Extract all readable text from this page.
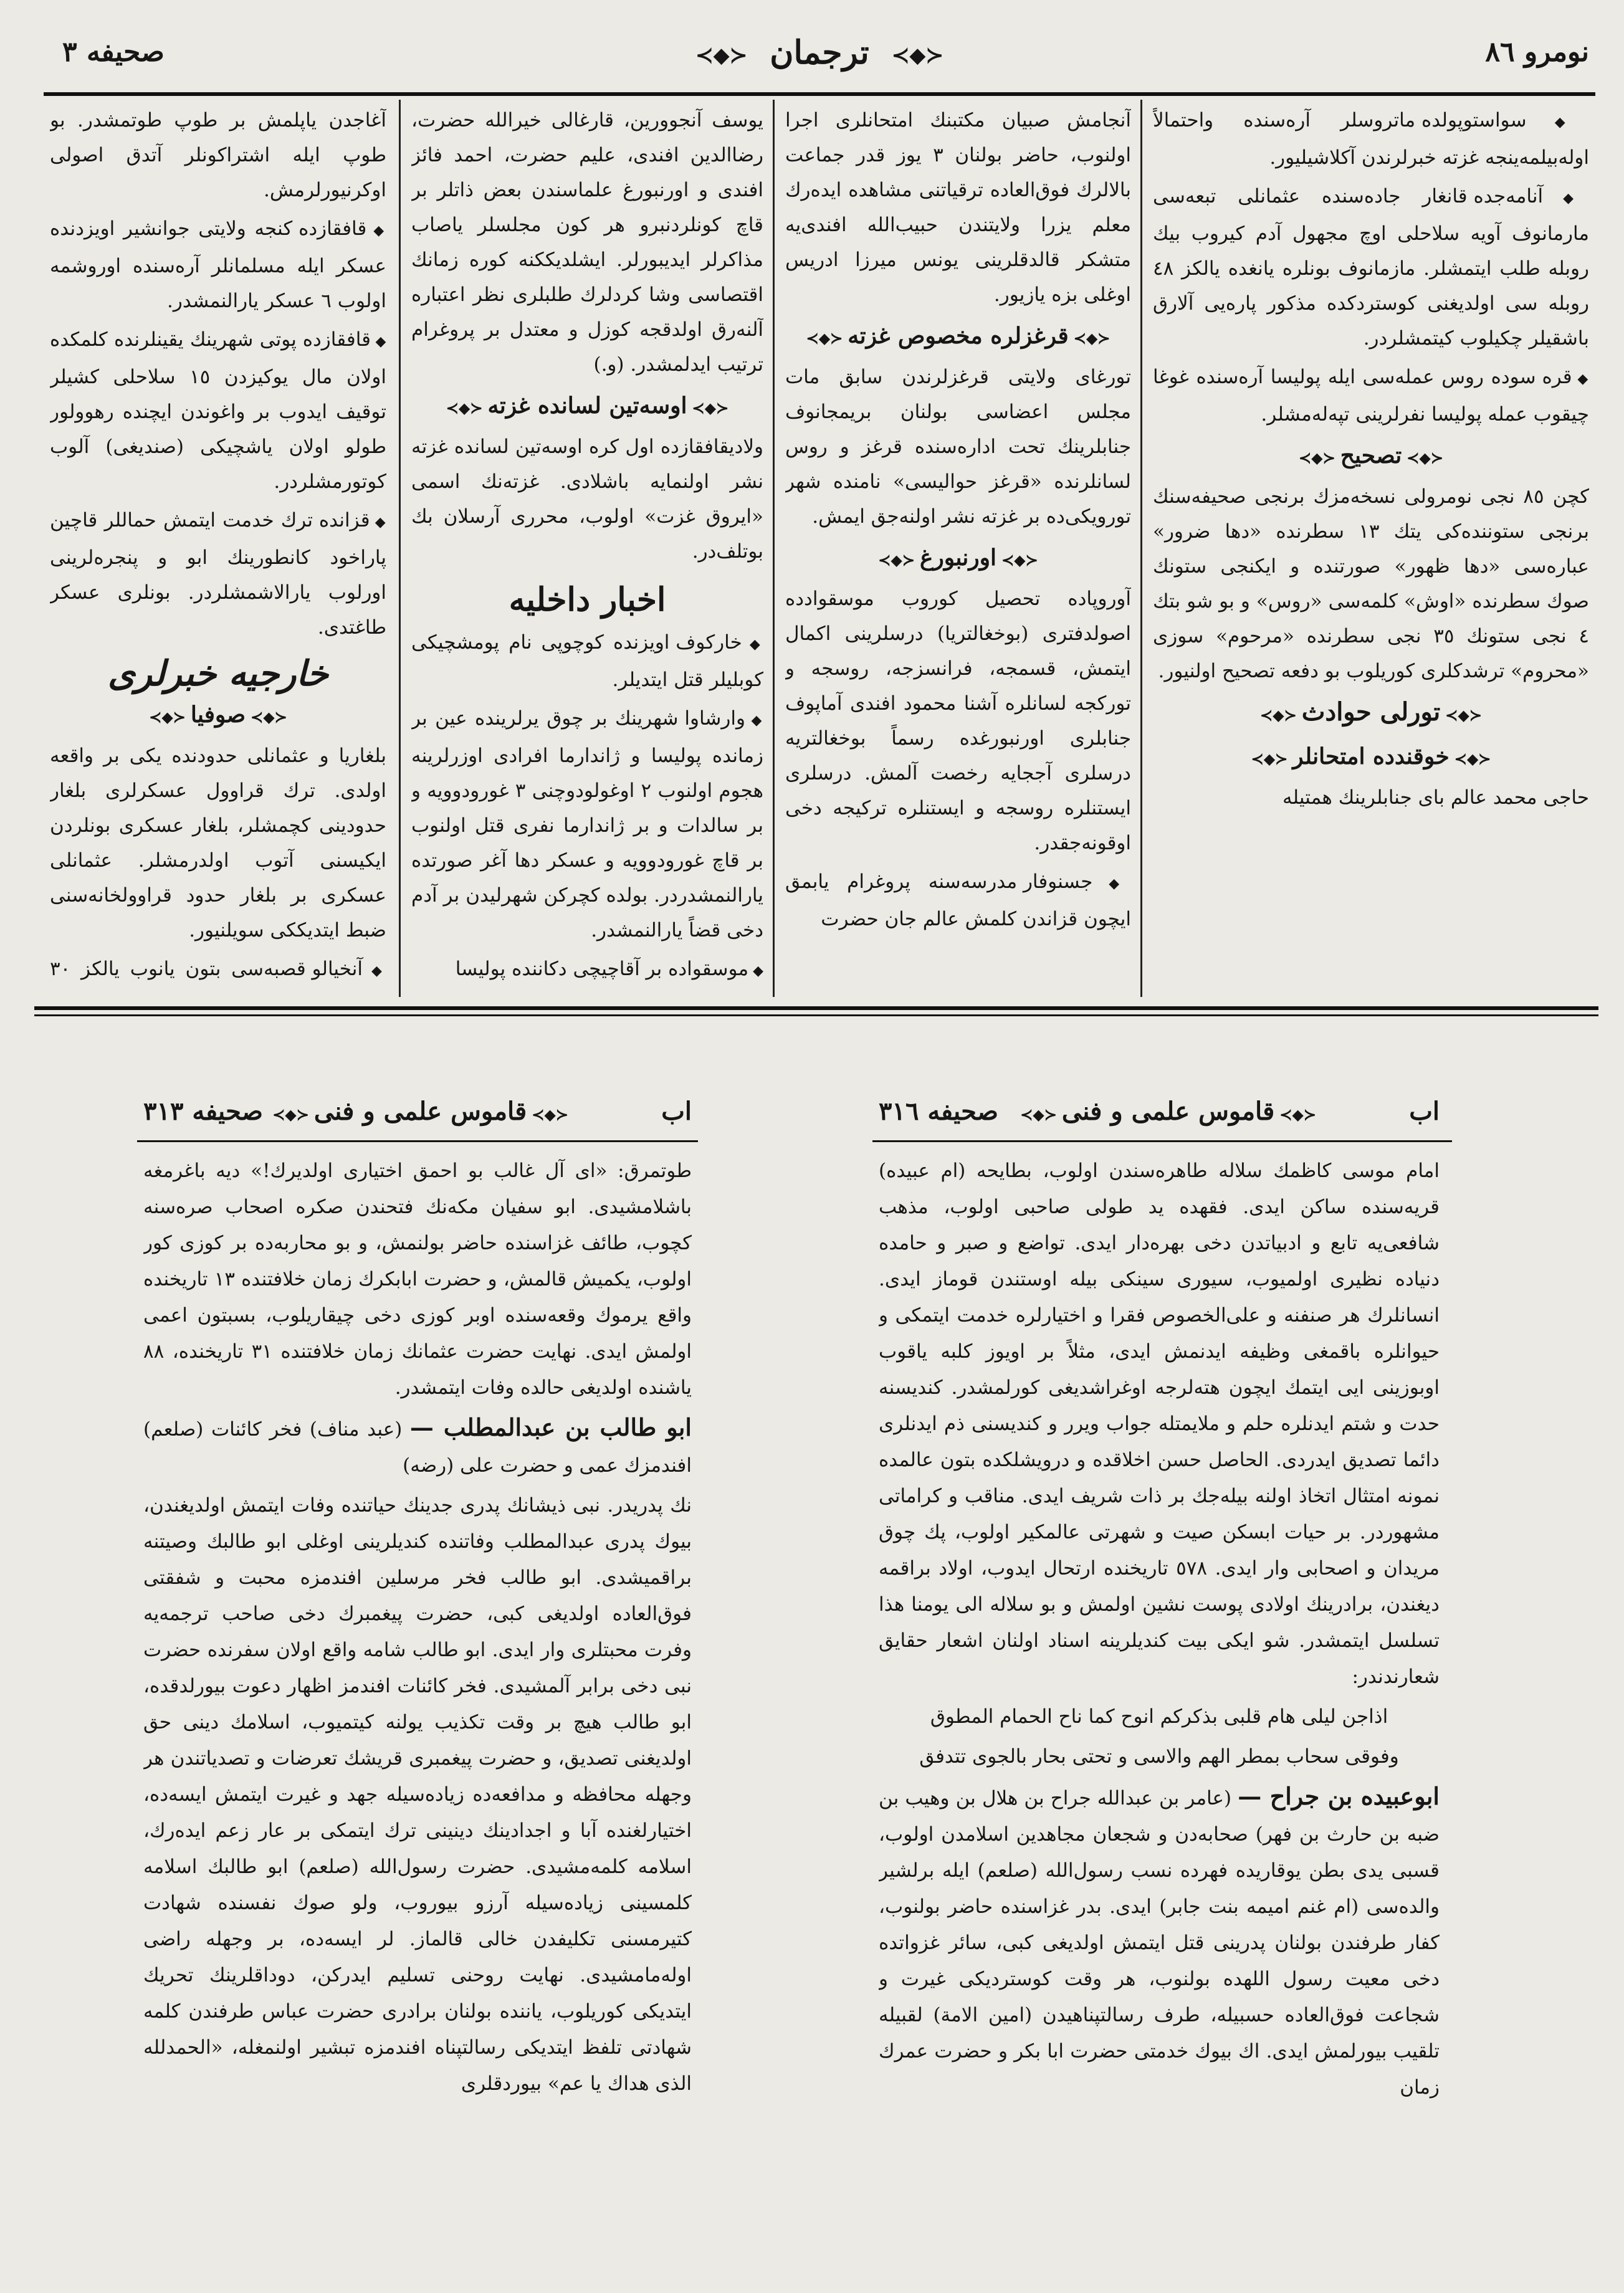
نومرو ٨٦
≺◆≻ ترجمان ≺◆≻
صحیفه ٣

◆ سواستوپولده ماتروسلر آره‌سنده واحتمالاً اوله‌بیلمه‌ینجه غزته خبرلرندن آکلاشیلیور.

◆ آنامه‌جده قانغار جاده‌سنده عثمانلی تبعه‌سی مارمانوف آویه سلاحلی اوچ مجهول آدم کیروب بیك روبله طلب ایتمشلر. مازمانوف بونلره یانغده یالکز ٤٨ روبله سی اولدیغنی کوسترد‌کده مذکور پاره‌یی آلارق باشقیلر چکیلوب کیتمشلردر.

◆ قره سوده روس عمله‌سی ایله پولیسا آره‌سنده غوغا چیقوب عمله پولیسا نفرلرینی تپه‌له‌مشلر.

≺◆≻تصحیح≺◆≻

کچن ٨٥ نجی نومرولی نسخه‌مزك برنجی صحیفه‌سنك برنجی ستوننده‌کی یتك ١٣ سطرنده «دها ضرور» عباره‌سی «دها ظهور» صورتنده و ایکنجی ستونك صوك سطرنده «اوش» کلمه‌سی «روس» و بو شو بتك ٤ نجی ستونك ٣٥ نجی سطرنده «مرحوم» سوزی «محروم» ترشدکلری کوریلوب بو دفعه تصحیح اولنیور.

≺◆≻تورلی حوادث≺◆≻
≺◆≻خوقندده امتحانلر≺◆≻

حاجی محمد عالم بای جنابلرینك همتیله

آنجامش صبیان مکتبنك امتحانلری اجرا اولنوب، حاضر بولنان ٣ یوز قدر جماعت بالالرك فوق‌العاده ترقیاتنی مشاهده ایده‌رك معلم یزرا ولایتندن حبیب‌الله افندی‌یه متشکر قالدقلرینی یونس میرزا ادریس اوغلی بزه یازیور.

≺◆≻قرغزلره مخصوص غزته≺◆≻

تورغای ولایتی قرغزلرندن سابق مات مجلس اعضاسی بولنان بریمجانوف جنابلرینك تحت اداره‌سنده قرغز و روس لسانلرنده «قرغز حوالیسی» نامنده شهر تورویکی‌ده بر غزته نشر اولنه‌جق ایمش.

≺◆≻اورنبورغ≺◆≻

آوروپاده تحصیل کوروب موسقوادده اصولدفتری (بوخغالتریا) درسلرینی اکمال ایتمش، قسمجه، فرانسزجه، روسجه و تورکجه لسانلره آشنا محمود افندی آماپوف جنابلری اورنبورغده رسماً بوخغالتریه درسلری آججایه رخصت آلمش. درسلری ایستنلره روسجه و ایستنلره ترکیجه دخی اوقونه‌جقدر.

◆ جسنوفار مدرسه‌سنه پروغرام یابمق ایچون قزاندن کلمش عالم جان حضرت

یوسف آنجوورین، قارغالی خیرالله حضرت، رضاالدین افندی، علیم حضرت، احمد فائز افندی و اورنبورغ علماسندن بعض ذاتلر بر قاچ کونلردنبرو هر کون مجلسلر یاصاب مذاکرلر ایدیبورلر. ایشلدیککنه کوره زمانك اقتصاسی وشا کردلرك طلبلری نظر اعتباره آلنه‌رق اولدقجه کوزل و معتدل بر پروغرام ترتیب ایدلمشدر. (و.)

≺◆≻اوسه‌تین لسانده غزته≺◆≻

ولادیقافقازده اول کره اوسه‌تین لسانده غزته نشر اولنمایه باشلادی. غزته‌نك اسمی «ایروق غزت» اولوب، محرری آرسلان بك بوتلف‌در.

اخبار داخلیه

◆ خارکوف اویزنده کوچوپی نام پومشچیکی کوبلیلر قتل ایتدیلر.

◆ وارشاوا شهرینك بر چوق یرلرینده عین بر زمانده پولیسا و ژاندارما افرادی اوزرلرینه هجوم اولنوب ٢ اوغولودوچنی ٣ غورودوویه و بر سالدات و بر ژاندارما نفری قتل اولنوب بر قاچ غورودوویه و عسکر دها آغر صورتده یارالنمشدردر. بولده کچرکن شهرلیدن بر آدم دخی قضاً یارالنمشدر.

◆ موسقواده بر آقاچیچی دکاننده پولیسا

آغاجدن یاپلمش بر طوپ طوتمشدر. بو طوپ ایله اشتراکونلر آتدق اصولی اوکرنیورلرمش.

◆ قافقازده کنجه ولایتی جوانشیر اویزدنده عسکر ایله مسلمانلر آره‌سنده اوروشمه اولوب ٦ عسکر یارالنمشدر.

◆ قافقازده پوتی شهرینك یقینلرنده کلمکده اولان مال یوکیزدن ١٥ سلاحلی کشیلر توقیف ایدوب بر واغوندن ایچنده رهوولور طولو اولان یاشچیکی (صندیغی) آلوب کوتورمشلردر.

◆ قزانده ترك خدمت ایتمش حماللر قاچین پاراخود کانطورینك ابو و پنجره‌لرینی اورلوب یارالاشمشلردر. بونلری عسکر طاغتدی.

خارجیه خبرلری
≺◆≻صوفیا≺◆≻

بلغاریا و عثمانلی حدودنده یکی بر واقعه اولدی. ترك قراوول عسکرلری بلغار حدودینی کچمشلر، بلغار عسکری بونلردن ایکیسنی آتوب اولدرمشلر. عثمانلی عسکری بر بلغار حدود قراوولخانه‌سنی ضبط ایتدیککی سویلنیور.

◆ آنخیالو قصبه‌سی بتون یانوب یالکز ٣٠

اب
≺◆≻قاموس علمی و فنی≺◆≻
صحیفه ٣١٦
اب
≺◆≻قاموس علمی و فنی≺◆≻
صحیفه ٣١٣

امام موسی کاظمك سلاله طاهره‌سندن اولوب، بطایحه (ام عبیده) قریه‌سنده ساکن ایدی. فقهده ید طولی صاحبی اولوب، مذهب شافعی‌یه تابع و ادبیاتدن دخی بهره‌دار ایدی. تواضع و صبر و حامده دنیاده نظیری اولمیوب، سیوری سینکی بیله اوستندن قوماز ایدی. انسانلرك هر صنفنه و علی‌الخصوص فقرا و اختیارلره خدمت ایتمکی و حیوانلره باقمغی وظیفه ایدنمش ایدی، مثلاً بر اویوز کلبه یاقوب اوبوزینی ایی ایتمك ایچون هته‌لرجه اوغراشدیغی کورلمشدر. کندیسنه حدت و شتم ایدنلره حلم و ملایمتله جواب ویرر و کندیسنی ذم ایدنلری دائما تصدیق ایدردی. الحاصل حسن اخلاقده و درویشلکده بتون عالمده نمونه امتثال اتخاذ اولنه بیله‌جك بر ذات شریف ایدی. مناقب و کراماتی مشهوردر. بر حیات ابسکن صیت و شهرتی عالمکیر اولوب، پك چوق مریدان و اصحابی وار ایدی. ٥٧٨ تاریخنده ارتحال ایدوب، اولاد براقمه دیغندن، برادرینك اولادی پوست نشین اولمش و بو سلاله الی یومنا هذا تسلسل ایتمشدر. شو ایکی بیت کندیلرینه اسناد اولنان اشعار حقایق شعارندندر:

اذاجن لیلی هام قلبی بذکرکم انوح کما ناح الحمام المطوق
وفوقی سحاب بمطر الهم والاسی و تحتی بحار بالجوی تتدفق

ابوعبیده بن جراح — (عامر بن عبدالله جراح بن هلال بن وهیب بن ضبه بن حارث بن فهر) صحابه‌دن و شجعان مجاهدین اسلامدن اولوب، قسبی یدی بطن یوقاریده فهرده نسب رسول‌الله (صلعم) ایله برلشیر والده‌سی (ام غنم امیمه بنت جابر) ایدی. بدر غزاسنده حاضر بولنوب، کفار طرفندن بولنان پدرینی قتل ایتمش اولدیغی کبی، سائر غزواتده دخی معیت رسول اللهده بولنوب، هر وقت کوستردیکی غیرت و شجاعت فوق‌العاده حسبیله، طرف رسالتپناهیدن (امین الامة) لقبیله تلقیب بیورلمش ایدی. اك بیوك خدمتی حضرت ابا بکر و حضرت عمرك زمان

طوتمرق: «ای آل غالب بو احمق اختیاری اولدیرك!» دیه باغرمغه باشلامشیدی. ابو سفیان مکه‌نك فتحندن صکره اصحاب صره‌سنه کچوب، طائف غزاسنده حاضر بولنمش، و بو محاربه‌ده بر کوزی کور اولوب، یکمیش قالمش، و حضرت ابابکرك زمان خلافتنده ١٣ تاریخنده واقع یرموك وقعه‌سنده اوبر کوزی دخی چیقاریلوب، بسبتون اعمی اولمش ایدی. نهایت حضرت عثمانك زمان خلافتنده ٣١ تاریخنده، ٨٨ یاشنده اولدیغی حالده وفات ایتمشدر.

ابو طالب بن عبدالمطلب — (عبد مناف) فخر کائنات (صلعم) افندمزك عمی و حضرت علی (رضه)

نك پدریدر. نبی ذیشانك پدری جدینك حیاتنده وفات ایتمش اولدیغندن، بیوك پدری عبدالمطلب وفاتنده کندیلرینی اوغلی ابو طالبك وصیتنه براقمیشدی. ابو طالب فخر مرسلین افندمزه محبت و شفقتی فوق‌العاده اولدیغی کبی، حضرت پیغمبرك دخی صاحب ترجمه‌یه وفرت محبتلری وار ایدی. ابو طالب شامه واقع اولان سفرنده حضرت نبی دخی برابر آلمشیدی. فخر کائنات افندمز اظهار دعوت بیورلدقده، ابو طالب هیچ بر وقت تکذیب یولنه کیتمیوب، اسلامك دینی حق اولدیغنی تصدیق، و حضرت پیغمبری قریشك تعرضات و تصدیاتندن هر وجهله محافظه و مدافعه‌ده زیاده‌سیله جهد و غیرت ایتمش ایسه‌ده، اختیارلغنده آبا و اجدادینك دینینی ترك ایتمکی بر عار زعم ایده‌رك، اسلامه کلمه‌مشیدی. حضرت رسول‌الله (صلعم) ابو طالبك اسلامه کلمسینی زیاده‌سیله آرزو بیوروب، ولو صوك نفسنده شهادت کتیرمسنی تکلیفدن خالی قالماز. لر ایسه‌ده، بر وجهله راضی اوله‌مامشیدی. نهایت روحنی تسلیم ایدرکن، دوداقلرینك تحریك ایتدیکی کوریلوب، یاننده بولنان برادری حضرت عباس طرفندن کلمه شهادتی تلفظ ایتدیکی رسالتپناه افندمزه تبشیر اولنمغله، «الحمدلله الذی هداك یا عم» بیوردقلری
